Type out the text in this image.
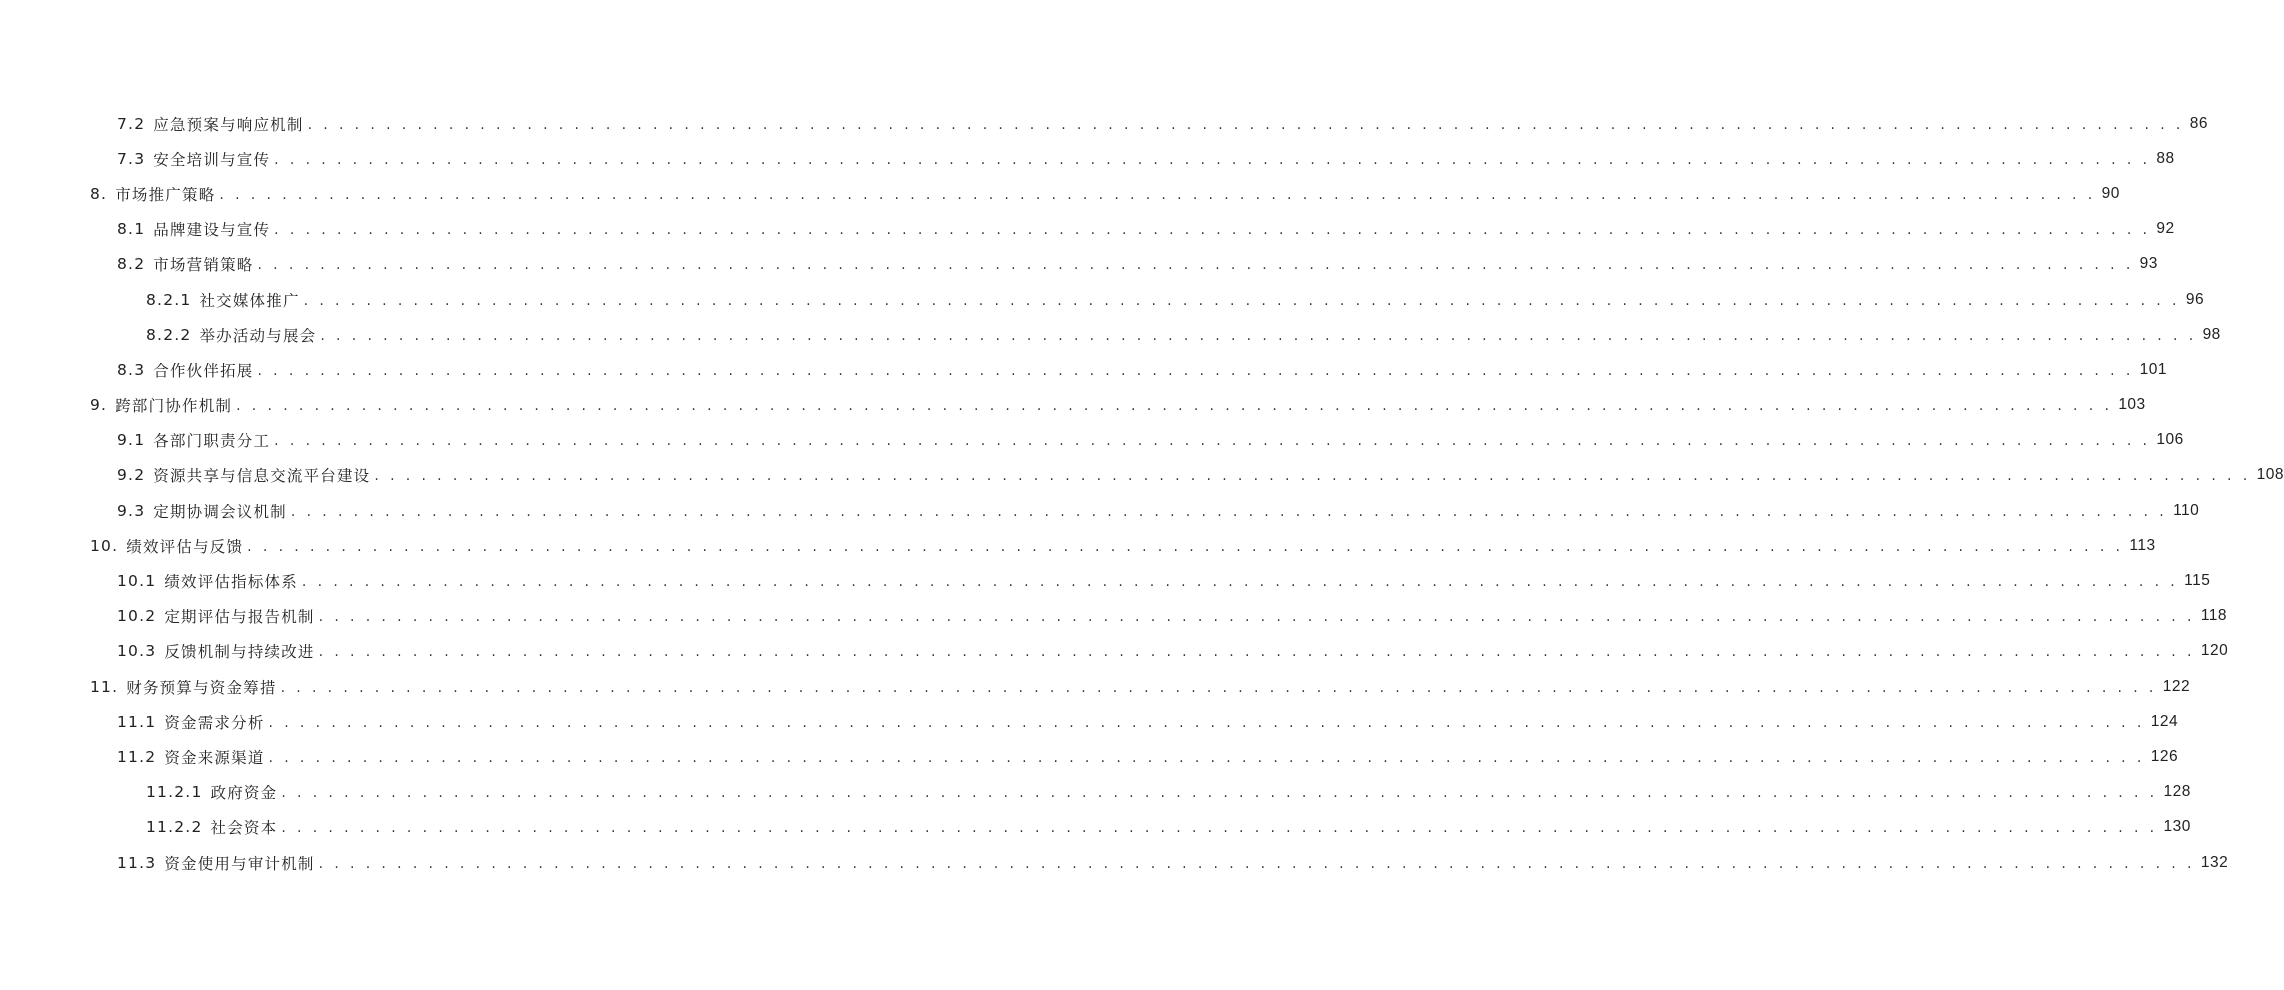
7.2 应急预案与响应机制 . . . . . . . . . . . . . . . . . . . . . . . . . . . . . . . . . . . . . . . . . . . . . . . . . . . . . . . . . . . . . . . . . . . . . . . . . . . . . . . . . . . . . . . . . . . . . . . . . . . . . . . . . . . . . . . . . . . . . . . . 86
7.3 安全培训与宣传 . . . . . . . . . . . . . . . . . . . . . . . . . . . . . . . . . . . . . . . . . . . . . . . . . . . . . . . . . . . . . . . . . . . . . . . . . . . . . . . . . . . . . . . . . . . . . . . . . . . . . . . . . . . . . . . . . . . . . . . . 88
8. 市场推广策略 . . . . . . . . . . . . . . . . . . . . . . . . . . . . . . . . . . . . . . . . . . . . . . . . . . . . . . . . . . . . . . . . . . . . . . . . . . . . . . . . . . . . . . . . . . . . . . . . . . . . . . . . . . . . . . . . . . . . . . . . 90
8.1 品牌建设与宣传 . . . . . . . . . . . . . . . . . . . . . . . . . . . . . . . . . . . . . . . . . . . . . . . . . . . . . . . . . . . . . . . . . . . . . . . . . . . . . . . . . . . . . . . . . . . . . . . . . . . . . . . . . . . . . . . . . . . . . . . . 92
8.2 市场营销策略 . . . . . . . . . . . . . . . . . . . . . . . . . . . . . . . . . . . . . . . . . . . . . . . . . . . . . . . . . . . . . . . . . . . . . . . . . . . . . . . . . . . . . . . . . . . . . . . . . . . . . . . . . . . . . . . . . . . . . . . . 93
8.2.1 社交媒体推广 . . . . . . . . . . . . . . . . . . . . . . . . . . . . . . . . . . . . . . . . . . . . . . . . . . . . . . . . . . . . . . . . . . . . . . . . . . . . . . . . . . . . . . . . . . . . . . . . . . . . . . . . . . . . . . . . . . . . . . . . 96
8.2.2 举办活动与展会 . . . . . . . . . . . . . . . . . . . . . . . . . . . . . . . . . . . . . . . . . . . . . . . . . . . . . . . . . . . . . . . . . . . . . . . . . . . . . . . . . . . . . . . . . . . . . . . . . . . . . . . . . . . . . . . . . . . . . . . . 98
8.3 合作伙伴拓展 . . . . . . . . . . . . . . . . . . . . . . . . . . . . . . . . . . . . . . . . . . . . . . . . . . . . . . . . . . . . . . . . . . . . . . . . . . . . . . . . . . . . . . . . . . . . . . . . . . . . . . . . . . . . . . . . . . . . . . . . 101
9. 跨部门协作机制 . . . . . . . . . . . . . . . . . . . . . . . . . . . . . . . . . . . . . . . . . . . . . . . . . . . . . . . . . . . . . . . . . . . . . . . . . . . . . . . . . . . . . . . . . . . . . . . . . . . . . . . . . . . . . . . . . . . . . . . . 103
9.1 各部门职责分工 . . . . . . . . . . . . . . . . . . . . . . . . . . . . . . . . . . . . . . . . . . . . . . . . . . . . . . . . . . . . . . . . . . . . . . . . . . . . . . . . . . . . . . . . . . . . . . . . . . . . . . . . . . . . . . . . . . . . . . . . 106
9.2 资源共享与信息交流平台建设 . . . . . . . . . . . . . . . . . . . . . . . . . . . . . . . . . . . . . . . . . . . . . . . . . . . . . . . . . . . . . . . . . . . . . . . . . . . . . . . . . . . . . . . . . . . . . . . . . . . . . . . . . . . . . . . . . . . . . . . . 108
9.3 定期协调会议机制 . . . . . . . . . . . . . . . . . . . . . . . . . . . . . . . . . . . . . . . . . . . . . . . . . . . . . . . . . . . . . . . . . . . . . . . . . . . . . . . . . . . . . . . . . . . . . . . . . . . . . . . . . . . . . . . . . . . . . . . . 110
10. 绩效评估与反馈 . . . . . . . . . . . . . . . . . . . . . . . . . . . . . . . . . . . . . . . . . . . . . . . . . . . . . . . . . . . . . . . . . . . . . . . . . . . . . . . . . . . . . . . . . . . . . . . . . . . . . . . . . . . . . . . . . . . . . . . . 113
10.1 绩效评估指标体系 . . . . . . . . . . . . . . . . . . . . . . . . . . . . . . . . . . . . . . . . . . . . . . . . . . . . . . . . . . . . . . . . . . . . . . . . . . . . . . . . . . . . . . . . . . . . . . . . . . . . . . . . . . . . . . . . . . . . . . . . 115
10.2 定期评估与报告机制 . . . . . . . . . . . . . . . . . . . . . . . . . . . . . . . . . . . . . . . . . . . . . . . . . . . . . . . . . . . . . . . . . . . . . . . . . . . . . . . . . . . . . . . . . . . . . . . . . . . . . . . . . . . . . . . . . . . . . . . . 118
10.3 反馈机制与持续改进 . . . . . . . . . . . . . . . . . . . . . . . . . . . . . . . . . . . . . . . . . . . . . . . . . . . . . . . . . . . . . . . . . . . . . . . . . . . . . . . . . . . . . . . . . . . . . . . . . . . . . . . . . . . . . . . . . . . . . . . . 120
11. 财务预算与资金筹措 . . . . . . . . . . . . . . . . . . . . . . . . . . . . . . . . . . . . . . . . . . . . . . . . . . . . . . . . . . . . . . . . . . . . . . . . . . . . . . . . . . . . . . . . . . . . . . . . . . . . . . . . . . . . . . . . . . . . . . . . 122
11.1 资金需求分析 . . . . . . . . . . . . . . . . . . . . . . . . . . . . . . . . . . . . . . . . . . . . . . . . . . . . . . . . . . . . . . . . . . . . . . . . . . . . . . . . . . . . . . . . . . . . . . . . . . . . . . . . . . . . . . . . . . . . . . . . 124
11.2 资金来源渠道 . . . . . . . . . . . . . . . . . . . . . . . . . . . . . . . . . . . . . . . . . . . . . . . . . . . . . . . . . . . . . . . . . . . . . . . . . . . . . . . . . . . . . . . . . . . . . . . . . . . . . . . . . . . . . . . . . . . . . . . . 126
11.2.1 政府资金 . . . . . . . . . . . . . . . . . . . . . . . . . . . . . . . . . . . . . . . . . . . . . . . . . . . . . . . . . . . . . . . . . . . . . . . . . . . . . . . . . . . . . . . . . . . . . . . . . . . . . . . . . . . . . . . . . . . . . . . . 128
11.2.2 社会资本 . . . . . . . . . . . . . . . . . . . . . . . . . . . . . . . . . . . . . . . . . . . . . . . . . . . . . . . . . . . . . . . . . . . . . . . . . . . . . . . . . . . . . . . . . . . . . . . . . . . . . . . . . . . . . . . . . . . . . . . . 130
11.3 资金使用与审计机制 . . . . . . . . . . . . . . . . . . . . . . . . . . . . . . . . . . . . . . . . . . . . . . . . . . . . . . . . . . . . . . . . . . . . . . . . . . . . . . . . . . . . . . . . . . . . . . . . . . . . . . . . . . . . . . . . . . . . . . . . 132
